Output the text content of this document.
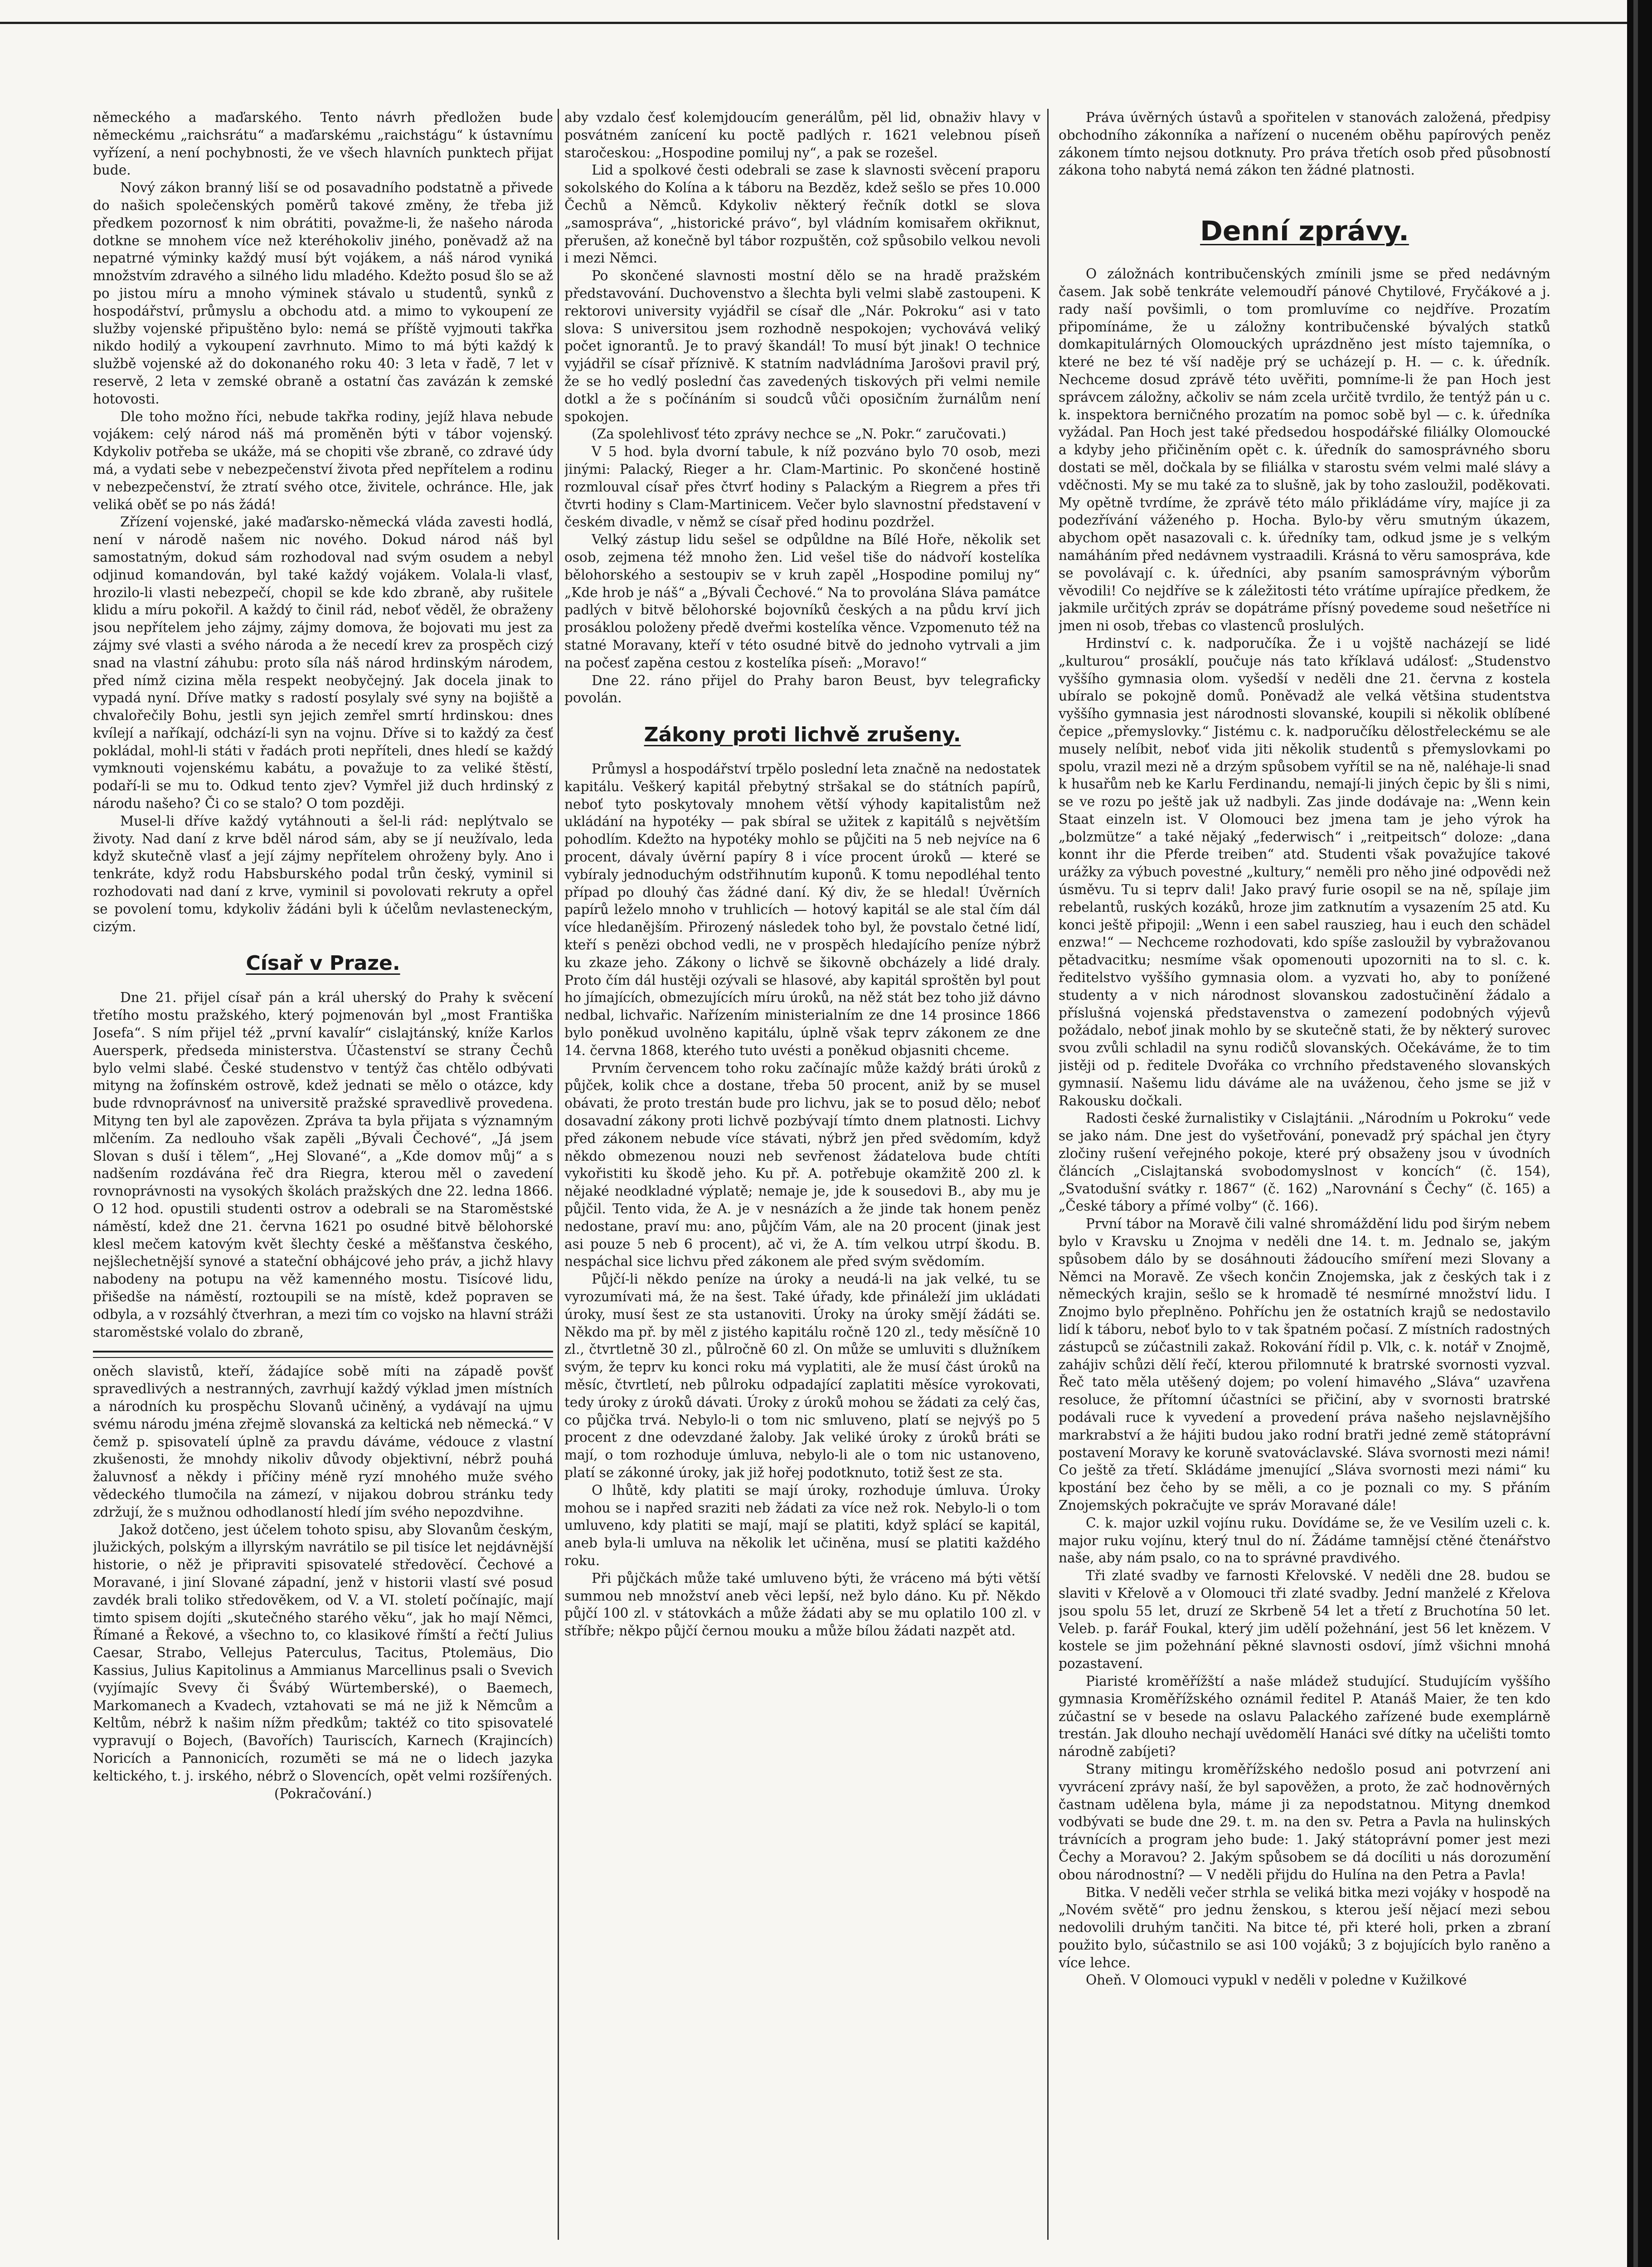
německého a maďarského. Tento návrh předložen bude německému „raichsrátu“ a maďarskému „raichstágu“ k ústavnímu vyřízení, a není pochybnosti, že ve všech hlavních punktech přijat bude.

Nový zákon branný liší se od posavadního podstatně a přivede do našich společenských poměrů takové změny, že třeba již předkem pozornosť k nim obrátiti, považme-li, že našeho národa dotkne se mnohem více než kteréhokoliv jiného, poněvadž až na nepatrné výminky každý musí být vojákem, a náš národ vyniká množstvím zdravého a silného lidu mladého. Kdežto posud šlo se až po jistou míru a mnoho výminek stávalo u studentů, synků z hospodářství, průmyslu a obchodu atd. a mimo to vykoupení ze služby vojenské připuštěno bylo: nemá se příště vyjmouti takřka nikdo hodilý a vykoupení zavrhnuto. Mimo to má býti každý k službě vojenské až do dokonaného roku 40: 3 leta v řadě, 7 let v reservě, 2 leta v zemské obraně a ostatní čas zavázán k zemské hotovosti.

Dle toho možno říci, nebude takřka rodiny, jejíž hlava nebude vojákem: celý národ náš má proměněn býti v tábor vojenský. Kdykoliv potřeba se ukáže, má se chopiti vše zbraně, co zdravé údy má, a vydati sebe v nebezpečenství života před nepřítelem a rodinu v nebezpečenství, že ztratí svého otce, živitele, ochránce. Hle, jak veliká oběť se po nás žádá!

Zřízení vojenské, jaké maďarsko-německá vláda zavesti hodlá, není v národě našem nic nového. Dokud národ náš byl samostatným, dokud sám rozhodoval nad svým osudem a nebyl odjinud komandován, byl také každý vojákem. Volala-li vlasť, hrozilo-li vlasti nebezpečí, chopil se kde kdo zbraně, aby rušitele klidu a míru pokořil. A každý to činil rád, neboť věděl, že obraženy jsou nepřítelem jeho zájmy, zájmy domova, že bojovati mu jest za zájmy své vlasti a svého národa a že necedí krev za prospěch cizý snad na vlastní záhubu: proto síla náš národ hrdinským národem, před nímž cizina měla respekt neobyčejný. Jak docela jinak to vypadá nyní. Dříve matky s radostí posylaly své syny na bojiště a chvalořečily Bohu, jestli syn jejich zemřel smrtí hrdinskou: dnes kvílejí a naříkají, odchází-li syn na vojnu. Dříve si to každý za česť pokládal, mohl-li státi v řadách proti nepříteli, dnes hledí se každý vymknouti vojenskému kabátu, a považuje to za veliké štěstí, podaří-li se mu to. Odkud tento zjev? Vymřel již duch hrdinský z národu našeho? Či co se stalo? O tom později.

Musel-li dříve každý vytáhnouti a šel-li rád: neplýtvalo se životy. Nad daní z krve bděl národ sám, aby se jí neužívalo, leda když skutečně vlasť a její zájmy nepřítelem ohroženy byly. Ano i tenkráte, když rodu Habsburského podal trůn český, vyminil si rozhodovati nad daní z krve, vyminil si povolovati rekruty a opřel se povolení tomu, kdykoliv žádáni byli k účelům nevlasteneckým, cizým.

Císař v Praze.

Dne 21. přijel císař pán a král uherský do Prahy k svěcení třetího mostu pražského, který pojmenován byl „most Františka Josefa“. S ním přijel též „první kavalír“ cislajtánský, kníže Karlos Auersperk, předseda ministerstva. Účastenství se strany Čechů bylo velmi slabé. České studenstvo v tentýž čas chtělo odbývati mityng na žofínském ostrově, kdež jednati se mělo o otázce, kdy bude rdvnoprávnosť na universitě pražské spravedlivě provedena. Mityng ten byl ale zapovězen. Zpráva ta byla přijata s významným mlčením. Za nedlouho však zapěli „Bývali Čechové“, „Já jsem Slovan s duší i tělem“, „Hej Slované“, a „Kde domov můj“ a s nadšením rozdávána řeč dra Riegra, kterou měl o zavedení rovnoprávnosti na vysokých školách pražských dne 22. ledna 1866. O 12 hod. opustili studenti ostrov a odebrali se na Staroměstské náměstí, kdež dne 21. června 1621 po osudné bitvě bělohorské klesl mečem katovým květ šlechty české a měšťanstva českého, nejšlechetnější synové a stateční obhájcové jeho práv, a jichž hlavy nabodeny na potupu na věž kamenného mostu. Tisícové lidu, přišedše na náměstí, roztoupili se na místě, kdež popraven se odbyla, a v rozsáhlý čtverhran, a mezi tím co vojsko na hlavní stráži staroměstské volalo do zbraně,

oněch slavistů, kteří, žádajíce sobě míti na západě povšť spravedlivých a nestranných, zavrhují každý výklad jmen místních a národních ku prospěchu Slovanů učiněný, a vydávají na ujmu svému národu jména zřejmě slovanská za keltická neb německá.“ V čemž p. spisovatelí úplně za pravdu dáváme, védouce z vlastní zkušenosti, že mnohdy nikoliv důvody objektivní, nébrž pouhá žaluvnosť a někdy i příčiny méně ryzí mnohého muže svého vědeckého tlumočila na zámezí, v nijakou dobrou stránku tedy zdržují, že s mužnou odhodlaností hledí jím svého nepozdvihne.

Jakož dotčeno, jest účelem tohoto spisu, aby Slovanům českým, jlužických, polským a illyrským navrátilo se pil tisíce let nejdávnější historie, o něž je připraviti spisovatelé středověcí. Čechové a Moravané, i jiní Slované západní, jenž v historii vlastí své posud zavdék brali toliko středověkem, od V. a VI. století počínajíc, mají timto spisem dojíti „skutečného starého věku“, jak ho mají Němci, Římané a Řekové, a všechno to, co klasikové římští a řečtí Julius Caesar, Strabo, Vellejus Paterculus, Tacitus, Ptolemäus, Dio Kassius, Julius Kapitolinus a Ammianus Marcellinus psali o Svevich (vyjímajíc Svevy či Švábý Würtemberské), o Baemech, Markomanech a Kvadech, vztahovati se má ne již k Němcům a Keltům, nébrž k našim nížm předkům; taktéž co tito spisovatelé vypravují o Bojech, (Bavořích) Tauriscích, Karnech (Krajincích) Noricích a Pannonicích, rozuměti se má ne o lidech jazyka keltického, t. j. irského, nébrž o Slovencích, opět velmi rozšířených.

(Pokračování.)

aby vzdalo česť kolemjdoucím generálům, pěl lid, obnaživ hlavy v posvátném zanícení ku poctě padlých r. 1621 velebnou píseň staročeskou: „Hospodine pomiluj ny“, a pak se rozešel.

Lid a spolkové česti odebrali se zase k slavnosti svěcení praporu sokolského do Kolína a k táboru na Bezděz, kdež sešlo se přes 10.000 Čechů a Němců. Kdykoliv některý řečník dotkl se slova „samospráva“, „historické právo“, byl vládním komisařem okřiknut, přerušen, až konečně byl tábor rozpuštěn, což spůsobilo velkou nevoli i mezi Němci.

Po skončené slavnosti mostní dělo se na hradě pražském představování. Duchovenstvo a šlechta byli velmi slabě zastoupeni. K rektorovi university vyjádřil se císař dle „Nár. Pokroku“ asi v tato slova: S universitou jsem rozhodně nespokojen; vychovává veliký počet ignorantů. Je to pravý škandál! To musí být jinak! O technice vyjádřil se císař příznivě. K statním nadvládníma Jarošovi pravil prý, že se ho vedlý poslední čas zavedených tiskových při velmi nemile dotkl a že s počínáním si soudců vůči oposičním žurnálům není spokojen.

(Za spolehlivosť této zprávy nechce se „N. Pokr.“ zaručovati.)

V 5 hod. byla dvorní tabule, k níž pozváno bylo 70 osob, mezi jinými: Palacký, Rieger a hr. Clam-Martinic. Po skončené hostině rozmlouval císař přes čtvrť hodiny s Palackým a Riegrem a přes tři čtvrti hodiny s Clam-Martinicem. Večer bylo slavnostní představení v českém divadle, v němž se císař před hodinu pozdržel.

Velký zástup lidu sešel se odpůldne na Bílé Hoře, několik set osob, zejmena též mnoho žen. Lid vešel tiše do nádvoří kostelíka bělohorského a sestoupiv se v kruh zapěl „Hospodine pomiluj ny“ „Kde hrob je náš“ a „Bývali Čechové.“ Na to provolána Sláva památce padlých v bitvě bělohorské bojovníků českých a na půdu krví jich prosáklou položeny předě dveřmi kostelíka věnce. Vzpomenuto též na statné Moravany, kteří v této osudné bitvě do jednoho vytrvali a jim na počesť zapěna cestou z kostelíka píseň: „Moravo!“

Dne 22. ráno přijel do Prahy baron Beust, byv telegraficky povolán.

Zákony proti lichvě zrušeny.

Průmysl a hospodářství trpělo poslední leta značně na nedostatek kapitálu. Veškerý kapitál přebytný stršakal se do státních papírů, neboť tyto poskytovaly mnohem větší výhody kapitalistům než ukládání na hypotéky — pak sbíral se užitek z kapitálů s největším pohodlím. Kdežto na hypotéky mohlo se půjčiti na 5 neb nejvíce na 6 procent, dávaly úvěrní papíry 8 i více procent úroků — které se vybíraly jednoduchým odstřihnutím kuponů. K tomu nepodléhal tento případ po dlouhý čas žádné daní. Ký div, že se hledal! Úvěrních papírů leželo mnoho v truhlicích — hotový kapitál se ale stal čím dál více hledanějším. Přirozený následek toho byl, že povstalo četné lidí, kteří s penězi obchod vedli, ne v prospěch hledajícího peníze nýbrž ku zkaze jeho. Zákony o lichvě se šikovně obcházely a lidé draly. Proto čím dál hustěji ozývali se hlasové, aby kapitál sproštěn byl pout ho jímajících, obmezujících míru úroků, na něž stát bez toho již dávno nedbal, lichvařic. Nařízením ministerialním ze dne 14 prosince 1866 bylo poněkud uvolněno kapitálu, úplně však teprv zákonem ze dne 14. června 1868, kterého tuto uvésti a poněkud objasniti chceme.

Prvním červencem toho roku začínajíc může každý bráti úroků z půjček, kolik chce a dostane, třeba 50 procent, aniž by se musel obávati, že proto trestán bude pro lichvu, jak se to posud dělo; neboť dosavadní zákony proti lichvě pozbývají tímto dnem platnosti. Lichvy před zákonem nebude více stávati, nýbrž jen před svědomím, když někdo obmezenou nouzi neb sevřenost žádatelova bude chtíti vykořistiti ku škodě jeho. Ku př. A. potřebuje okamžitě 200 zl. k nějaké neodkladné výplatě; nemaje je, jde k sousedovi B., aby mu je půjčil. Tento vida, že A. je v nesnázích a že jinde tak honem peněz nedostane, praví mu: ano, půjčím Vám, ale na 20 procent (jinak jest asi pouze 5 neb 6 procent), ač vi, že A. tím velkou utrpí škodu. B. nespáchal sice lichvu před zákonem ale před svým svědomím.

Půjčí-li někdo peníze na úroky a neudá-li na jak velké, tu se vyrozumívati má, že na šest. Také úřady, kde přináleží jim ukládati úroky, musí šest ze sta ustanoviti. Úroky na úroky smějí žádáti se. Někdo ma př. by měl z jistého kapitálu ročně 120 zl., tedy měsíčně 10 zl., čtvrtletně 30 zl., půlročně 60 zl. On může se umluviti s dlužníkem svým, že teprv ku konci roku má vyplatiti, ale že musí část úroků na měsíc, čtvrtletí, neb půlroku odpadající zaplatiti měsíce vyrokovati, tedy úroky z úroků dávati. Úroky z úroků mohou se žádati za celý čas, co půjčka trvá. Nebylo-li o tom nic smluveno, platí se nejvýš po 5 procent z dne odevzdané žaloby. Jak veliké úroky z úroků bráti se mají, o tom rozhoduje úmluva, nebylo-li ale o tom nic ustanoveno, platí se zákonné úroky, jak již hořej podotknuto, totiž šest ze sta.

O lhůtě, kdy platiti se mají úroky, rozhoduje úmluva. Úroky mohou se i napřed sraziti neb žádati za více než rok. Nebylo-li o tom umluveno, kdy platiti se mají, mají se platiti, když splácí se kapitál, aneb byla-li umluva na několik let učiněna, musí se platiti každého roku.

Při půjčkách může také umluveno býti, že vráceno má býti větší summou neb množství aneb věci lepší, než bylo dáno. Ku př. Někdo půjčí 100 zl. v státovkách a může žádati aby se mu oplatilo 100 zl. v stříbře; někpo půjčí černou mouku a může bílou žádati nazpět atd.

Práva úvěrných ústavů a spořitelen v stanovách založená, předpisy obchodního zákonníka a nařízení o nuceném oběhu papírových peněz zákonem tímto nejsou dotknuty. Pro práva třetích osob před působností zákona toho nabytá nemá zákon ten žádné platnosti.

Denní zprávy.

O záložnách kontribučenských zmínili jsme se před nedávným časem. Jak sobě tenkráte velemoudří pánové Chytilové, Fryčákové a j. rady naší povšimli, o tom promluvíme co nejdříve. Prozatím připomínáme, že u záložny kontribučenské bývalých statků domkapitulárných Olomouckých uprázdněno jest místo tajemníka, o které ne bez té vší naděje prý se ucházejí p. H. — c. k. úředník. Nechceme dosud zprávě této uvěřiti, pomníme-li že pan Hoch jest správcem záložny, ačkoliv se nám zcela určitě tvrdilo, že tentýž pán u c. k. inspektora berničného prozatím na pomoc sobě byl — c. k. úředníka vyžádal. Pan Hoch jest také předsedou hospodářské filiálky Olomoucké a kdyby jeho přičiněním opět c. k. úředník do samosprávného sboru dostati se měl, dočkala by se filiálka v starostu svém velmi malé slávy a vděčnosti. My se mu také za to slušně, jak by toho zasloužil, poděkovati. My opětně tvrdíme, že zprávě této málo přikládáme víry, majíce ji za podezřívání váženého p. Hocha. Bylo-by věru smutným úkazem, abychom opět nasazovali c. k. úředníky tam, odkud jsme je s velkým namáháním před nedávnem vystraadili. Krásná to věru samospráva, kde se povolávají c. k. úředníci, aby psaním samosprávným výborům věvodili! Co nejdříve se k záležitosti této vrátíme upírajíce předkem, že jakmile určitých zpráv se dopátráme přísný povedeme soud nešetříce ni jmen ni osob, třebas co vlastenců proslulých.

Hrdinství c. k. nadporučíka. Že i u vojště nacházejí se lidé „kulturou“ prosáklí, poučuje nás tato kříklavá událosť: „Studenstvo vyššího gymnasia olom. vyšedší v neděli dne 21. června z kostela ubíralo se pokojně domů. Poněvadž ale velká většina studentstva vyššího gymnasia jest národnosti slovanské, koupili si několik oblíbené čepice „přemyslovky.“ Jistému c. k. nadporučíku dělostřeleckému se ale musely nelíbit, neboť vida jiti několik studentů s přemyslovkami po spolu, vrazil mezi ně a drzým spůsobem vyřítil se na ně, naléhaje-li snad k husařům neb ke Karlu Ferdinandu, nemají-li jiných čepic by šli s nimi, se ve rozu po ještě jak už nadbyli. Zas jinde dodávaje na: „Wenn kein Staat einzeln ist. V Olomouci bez jmena tam je jeho výrok ha „bolzmütze“ a také nějaký „federwisch“ i „reitpeitsch“ doloze: „dana konnt ihr die Pferde treiben“ atd. Studenti však považujíce takové urážky za výbuch povestné „kultury,“ neměli pro něho jiné odpovědi než úsměvu. Tu si teprv dali! Jako pravý furie osopil se na ně, spílaje jim rebelantů, ruských kozáků, hroze jim zatknutím a vysazením 25 atd. Ku konci ještě připojil: „Wenn i een sabel rauszieg, hau i euch den schädel enzwa!“ — Nechceme rozhodovati, kdo spíše zasloužil by vybražovanou pětadvacitku; nesmíme však opomenouti upozorniti na to sl. c. k. ředitelstvo vyššího gymnasia olom. a vyzvati ho, aby to ponížené studenty a v nich národnost slovanskou zadostučinění žádalo a příslušná vojenská představenstva o zamezení podobných výjevů požádalo, neboť jinak mohlo by se skutečně stati, že by některý surovec svou zvůli schladil na synu rodičů slovanských. Očekáváme, že to tim jistěji od p. ředitele Dvořáka co vrchního představeného slovanských gymnasií. Našemu lidu dáváme ale na uváženou, čeho jsme se již v Rakousku dočkali.

Radosti české žurnalistiky v Cislajtánii. „Národním u Pokroku“ vede se jako nám. Dne jest do vyšetřování, ponevadž prý spáchal jen čtyry zločiny rušení veřejného pokoje, které prý obsaženy jsou v úvodních článcích „Cislajtanská svobodomyslnost v koncích“ (č. 154), „Svatodušní svátky r. 1867“ (č. 162) „Narovnání s Čechy“ (č. 165) a „České tábory a přímé volby“ (č. 166).

První tábor na Moravě čili valné shromáždění lidu pod širým nebem bylo v Kravsku u Znojma v neděli dne 14. t. m. Jednalo se, jakým spůsobem dálo by se dosáhnouti žádoucího smíření mezi Slovany a Němci na Moravě. Ze všech končin Znojemska, jak z českých tak i z německých krajin, sešlo se k hromadě té nesmírné množství lidu. I Znojmo bylo přeplněno. Pohříchu jen že ostatních krajů se nedostavilo lidí k táboru, neboť bylo to v tak špatném počasí. Z místních radostných zástupců se zúčastnili zakaž. Rokování řídil p. Vlk, c. k. notář v Znojmě, zahájiv schůzi dělí řečí, kterou přilomnuté k bratrské svornosti vyzval. Řeč tato měla utěšený dojem; po volení himavého „Sláva“ uzavřena resoluce, že přítomní účastníci se přičiní, aby v svornosti bratrské podávali ruce k vyvedení a provedení práva našeho nejslavnějšího markrabství a že hájiti budou jako rodní bratři jedné země státoprávní postavení Moravy ke koruně svatováclavské. Sláva svornosti mezi námi! Co ještě za třetí. Skládáme jmenující „Sláva svornosti mezi námi“ ku kpostání bez čeho by se měli, a co je poznali co my. S přáním Znojemských pokračujte ve správ Moravané dále!

C. k. major uzkil vojínu ruku. Dovídáme se, že ve Vesilím uzeli c. k. major ruku vojínu, který tnul do ní. Žádáme tamnějsí ctěné čtenářstvo naše, aby nám psalo, co na to správné pravdivého.

Tři zlaté svadby ve farnosti Křelovské. V neděli dne 28. budou se slaviti v Křelově a v Olomouci tři zlaté svadby. Jední manželé z Křelova jsou spolu 55 let, druzí ze Skrbeně 54 let a třetí z Bruchotína 50 let. Veleb. p. farář Foukal, který jim udělí požehnání, jest 56 let knězem. V kostele se jim požehnání pěkné slavnosti osdoví, jímž všichni mnohá pozastavení.

Piaristé kroměřížští a naše mládež studující. Studujícím vyššího gymnasia Kroměřížského oznámil ředitel P. Atanáš Maier, že ten kdo zúčastní se v besede na oslavu Palackého zařízené bude exemplárně trestán. Jak dlouho nechají uvědomělí Hanáci své dítky na učelišti tomto národně zabíjeti?

Strany mitingu kroměřížského nedošlo posud ani potvrzení ani vyvrácení zprávy naší, že byl sapověžen, a proto, že zač hodnověrných častnam udělena byla, máme ji za nepodstatnou. Mityng dnemkod vodbývati se bude dne 29. t. m. na den sv. Petra a Pavla na hulinských trávnících a program jeho bude: 1. Jaký státoprávní pomer jest mezi Čechy a Moravou? 2. Jakým spůsobem se dá docíliti u nás dorozumění obou národnostní? — V neděli přijdu do Hulína na den Petra a Pavla!

Bitka. V neděli večer strhla se veliká bitka mezi vojáky v hospodě na „Novém světě“ pro jednu ženskou, s kterou ješí nějací mezi sebou nedovolili druhým tančiti. Na bitce té, při které holi, prken a zbraní použito bylo, súčastnilo se asi 100 vojáků; 3 z bojujících bylo raněno a více lehce.

Oheň. V Olomouci vypukl v neděli v poledne v Kužilkové
